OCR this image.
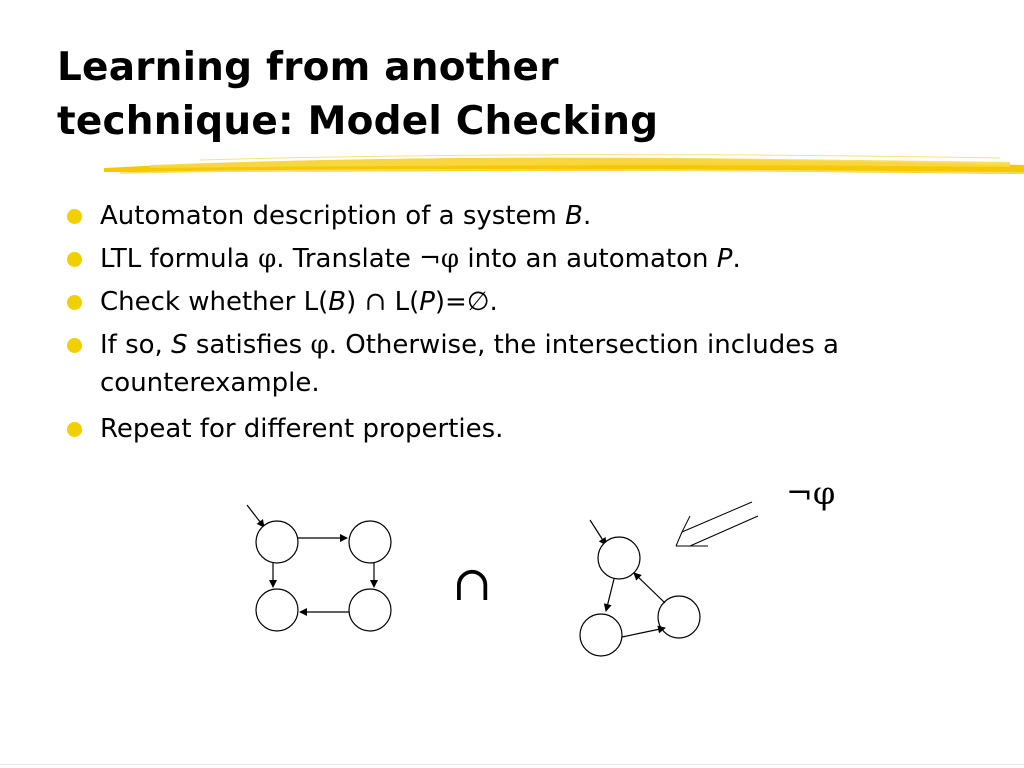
Learning from another
technique: Model Checking
Automaton description of a system B.
LTL formula φ. Translate ¬φ into an automaton P.
Check whether L(B) ∩ L(P)=∅.
If so, S satisfies φ. Otherwise, the intersection includes a
counterexample.
Repeat for different properties.
¬φ
∩
